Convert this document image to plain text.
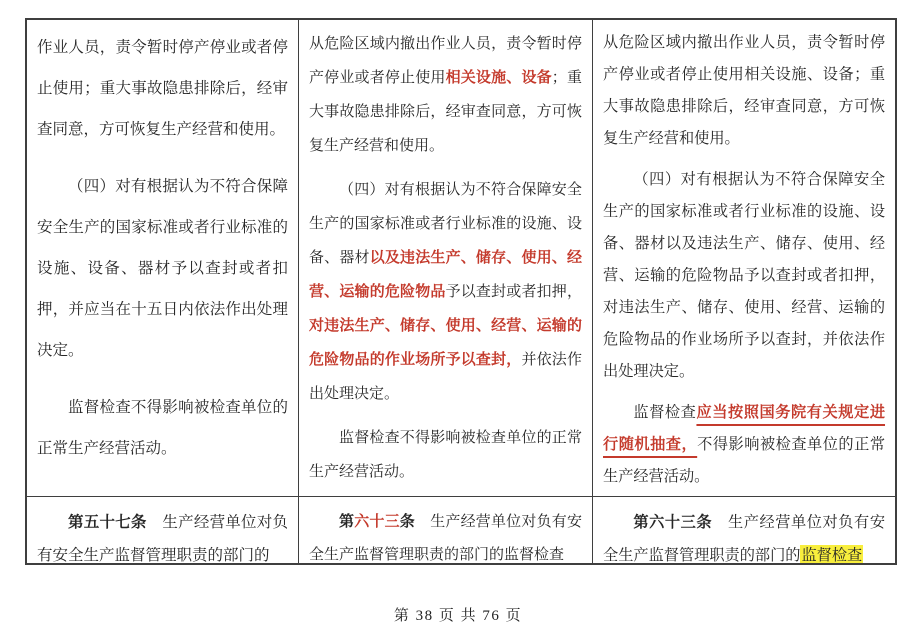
作业人员，责令暂时停产停业或者停止使用；重大事故隐患排除后，经审查同意，方可恢复生产经营和使用。

（四）对有根据认为不符合保障安全生产的国家标准或者行业标准的设施、设备、器材予以查封或者扣押，并应当在十五日内依法作出处理决定。

监督检查不得影响被检查单位的正常生产经营活动。

从危险区域内撤出作业人员，责令暂时停产停业或者停止使用相关设施、设备；重大事故隐患排除后，经审查同意，方可恢复生产经营和使用。

（四）对有根据认为不符合保障安全生产的国家标准或者行业标准的设施、设备、器材以及违法生产、储存、使用、经营、运输的危险物品予以查封或者扣押，对违法生产、储存、使用、经营、运输的危险物品的作业场所予以查封，并依法作出处理决定。

监督检查不得影响被检查单位的正常生产经营活动。

从危险区域内撤出作业人员，责令暂时停产停业或者停止使用相关设施、设备；重大事故隐患排除后，经审查同意，方可恢复生产经营和使用。

（四）对有根据认为不符合保障安全生产的国家标准或者行业标准的设施、设备、器材以及违法生产、储存、使用、经营、运输的危险物品予以查封或者扣押，对违法生产、储存、使用、经营、运输的危险物品的作业场所予以查封，并依法作出处理决定。

监督检查应当按照国务院有关规定进行随机抽查，不得影响被检查单位的正常生产经营活动。

第五十七条　生产经营单位对负有安全生产监督管理职责的部门的

第六十三条　生产经营单位对负有安全生产监督管理职责的部门的监督检查

第六十三条　生产经营单位对负有安全生产监督管理职责的部门的监督检查

第 38 页 共 76 页
